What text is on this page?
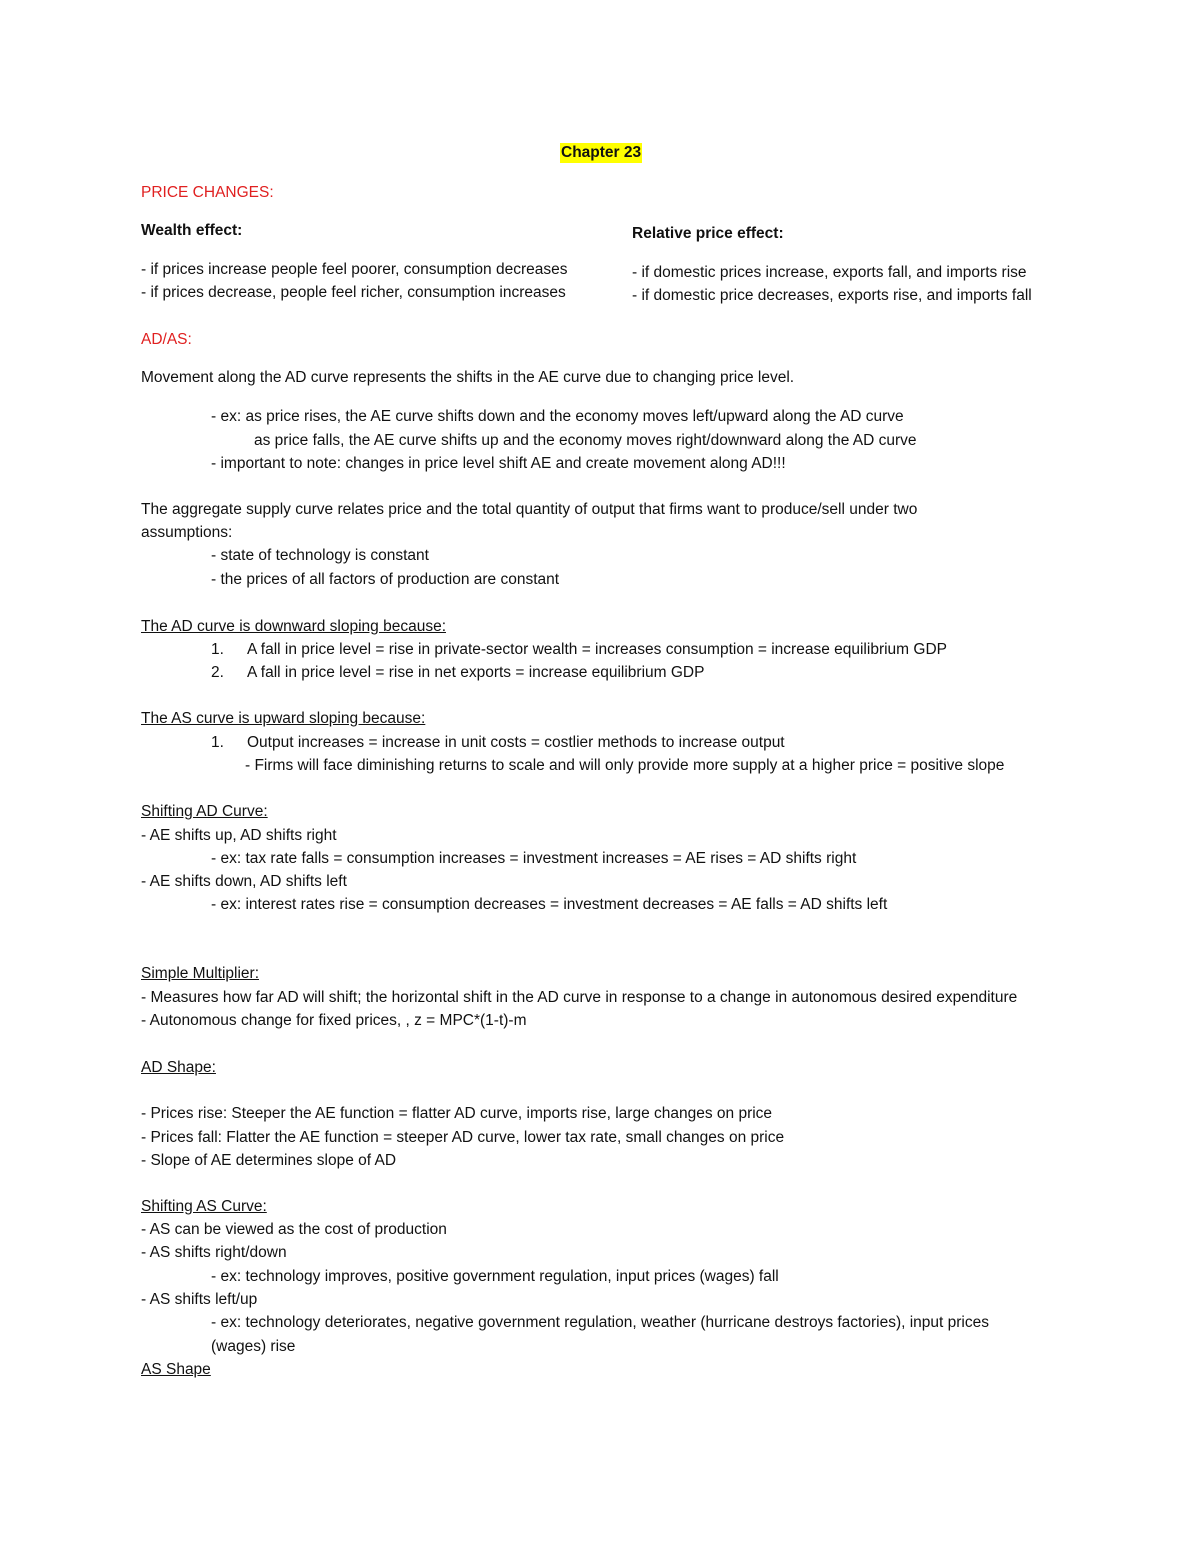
Chapter 23
PRICE CHANGES:
Wealth effect:
- if prices increase people feel poorer, consumption decreases
- if prices decrease, people feel richer, consumption increases
Relative price effect:
- if domestic prices increase, exports fall, and imports rise
- if domestic price decreases, exports rise, and imports fall
AD/AS:
Movement along the AD curve represents the shifts in the AE curve due to changing price level.
- ex: as price rises, the AE curve shifts down and the economy moves left/upward along the AD curve
as price falls, the AE curve shifts up and the economy moves right/downward along the AD curve
- important to note: changes in price level shift AE and create movement along AD!!!
The aggregate supply curve relates price and the total quantity of output that firms want to produce/sell under two
assumptions:
- state of technology is constant
- the prices of all factors of production are constant
The AD curve is downward sloping because:
1. A fall in price level = rise in private-sector wealth = increases consumption = increase equilibrium GDP
2. A fall in price level = rise in net exports = increase equilibrium GDP
The AS curve is upward sloping because:
1. Output increases = increase in unit costs = costlier methods to increase output
- Firms will face diminishing returns to scale and will only provide more supply at a higher price = positive slope
Shifting AD Curve:
- AE shifts up, AD shifts right
- ex: tax rate falls = consumption increases = investment increases = AE rises = AD shifts right
- AE shifts down, AD shifts left
- ex: interest rates rise = consumption decreases = investment decreases = AE falls = AD shifts left
Simple Multiplier:
- Measures how far AD will shift; the horizontal shift in the AD curve in response to a change in autonomous desired expenditure
- Autonomous change for fixed prices, , z = MPC*(1-t)-m
AD Shape:
- Prices rise: Steeper the AE function = flatter AD curve, imports rise, large changes on price
- Prices fall: Flatter the AE function = steeper AD curve, lower tax rate, small changes on price
- Slope of AE determines slope of AD
Shifting AS Curve:
- AS can be viewed as the cost of production
- AS shifts right/down
- ex: technology improves, positive government regulation, input prices (wages) fall
- AS shifts left/up
- ex: technology deteriorates, negative government regulation, weather (hurricane destroys factories), input prices
(wages) rise
AS Shape
